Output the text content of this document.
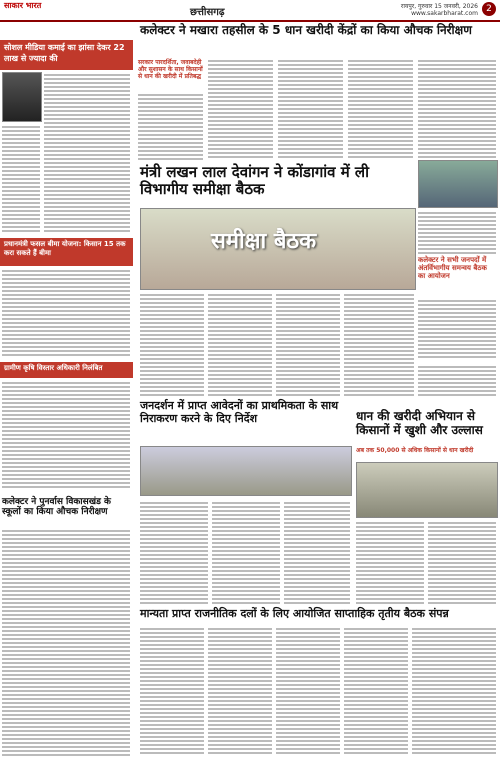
साकार भारत
छत्तीसगढ़
रायपुर, गुरुवार 15 जनवरी, 2026
www.sakarbharat.com 2
सोशल मीडिया कमाई का झांसा देकर 22 लाख से ज्यादा की
प्रधानमंत्री फसल बीमा योजना: किसान 15 तक करा सकते हैं बीमा
ग्रामीण कृषि विस्तार अधिकारी निलंबित
कलेक्टर ने पुनर्वास विकासखंड के स्कूलों का किया औचक निरीक्षण
कलेक्टर ने मखारा तहसील के 5 धान खरीदी केंद्रों का किया औचक निरीक्षण
सरकार पारदर्शिता, जवाबदेही और सुशासन के साथ किसानों से धान की खरीदी में प्रतिबद्ध
कलेक्टर ने सभी जनपदों में अंतर्विभागीय समन्वय बैठक का आयोजन
मंत्री लखन लाल देवांगन ने कोंडागांव में ली विभागीय समीक्षा बैठक
समीक्षा बैठक
जनदर्शन में प्राप्त आवेदनों का प्राथमिकता के साथ निराकरण करने के दिए निर्देश	धान की खरीदी अभियान से किसानों में खुशी और उल्लास
अब तक 50,000 से अधिक किसानों से धान खरीदी
मान्यता प्राप्त राजनीतिक दलों के लिए आयोजित साप्ताहिक तृतीय बैठक संपन्न
